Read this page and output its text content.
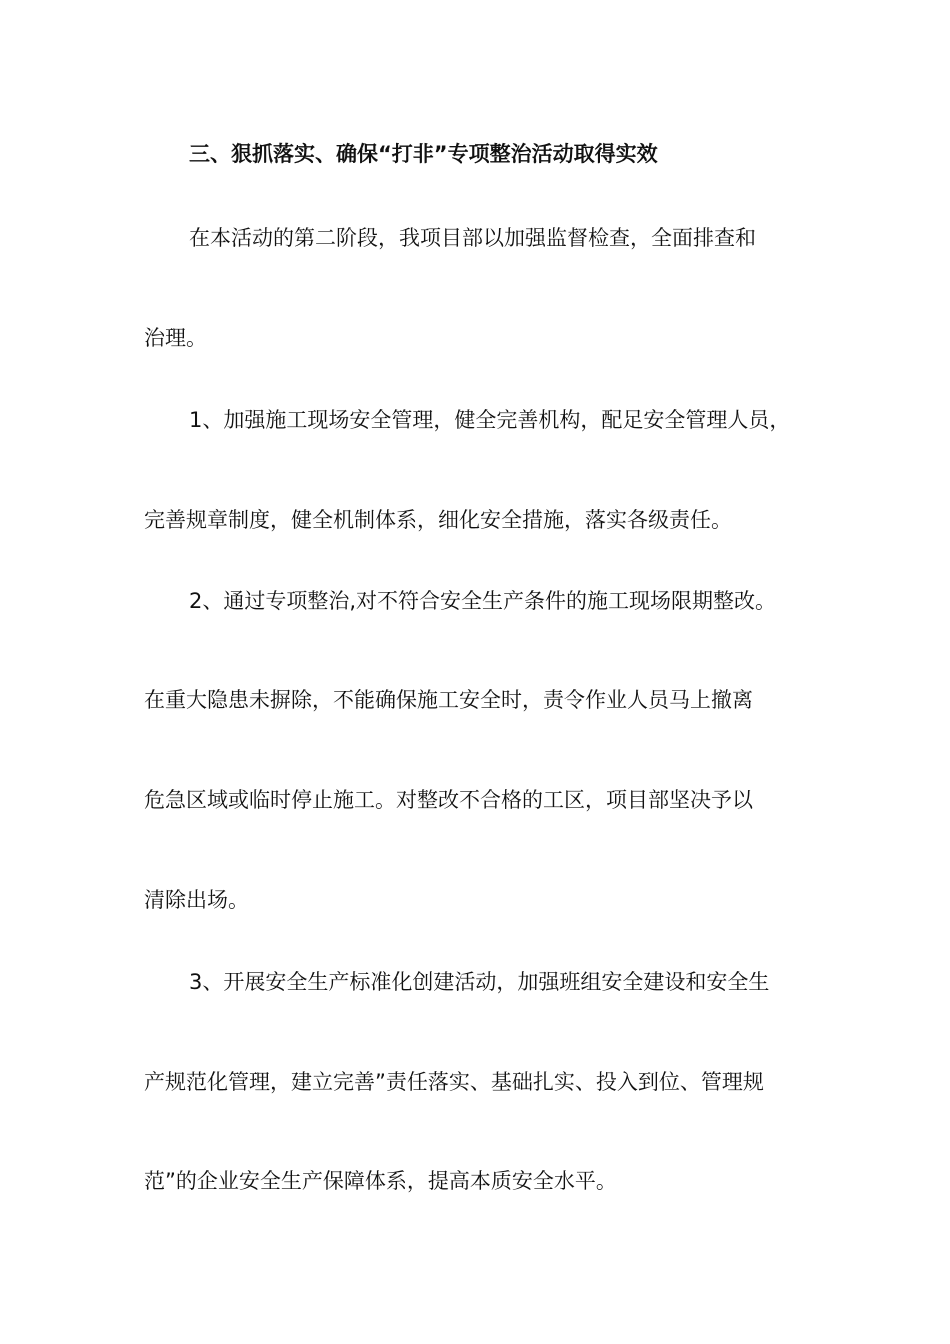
三、狠抓落实、确保“打非”专项整治活动取得实效
在本活动的第二阶段，我项目部以加强监督检查，全面排查和
治理。
1、加强施工现场安全管理，健全完善机构，配足安全管理人员，
完善规章制度，健全机制体系，细化安全措施，落实各级责任。
2、通过专项整治,对不符合安全生产条件的施工现场限期整改。
在重大隐患未摒除，不能确保施工安全时，责令作业人员马上撤离
危急区域或临时停止施工。对整改不合格的工区，项目部坚决予以
清除出场。
3、开展安全生产标准化创建活动，加强班组安全建设和安全生
产规范化管理，建立完善”责任落实、基础扎实、投入到位、管理规
范”的企业安全生产保障体系，提高本质安全水平。
